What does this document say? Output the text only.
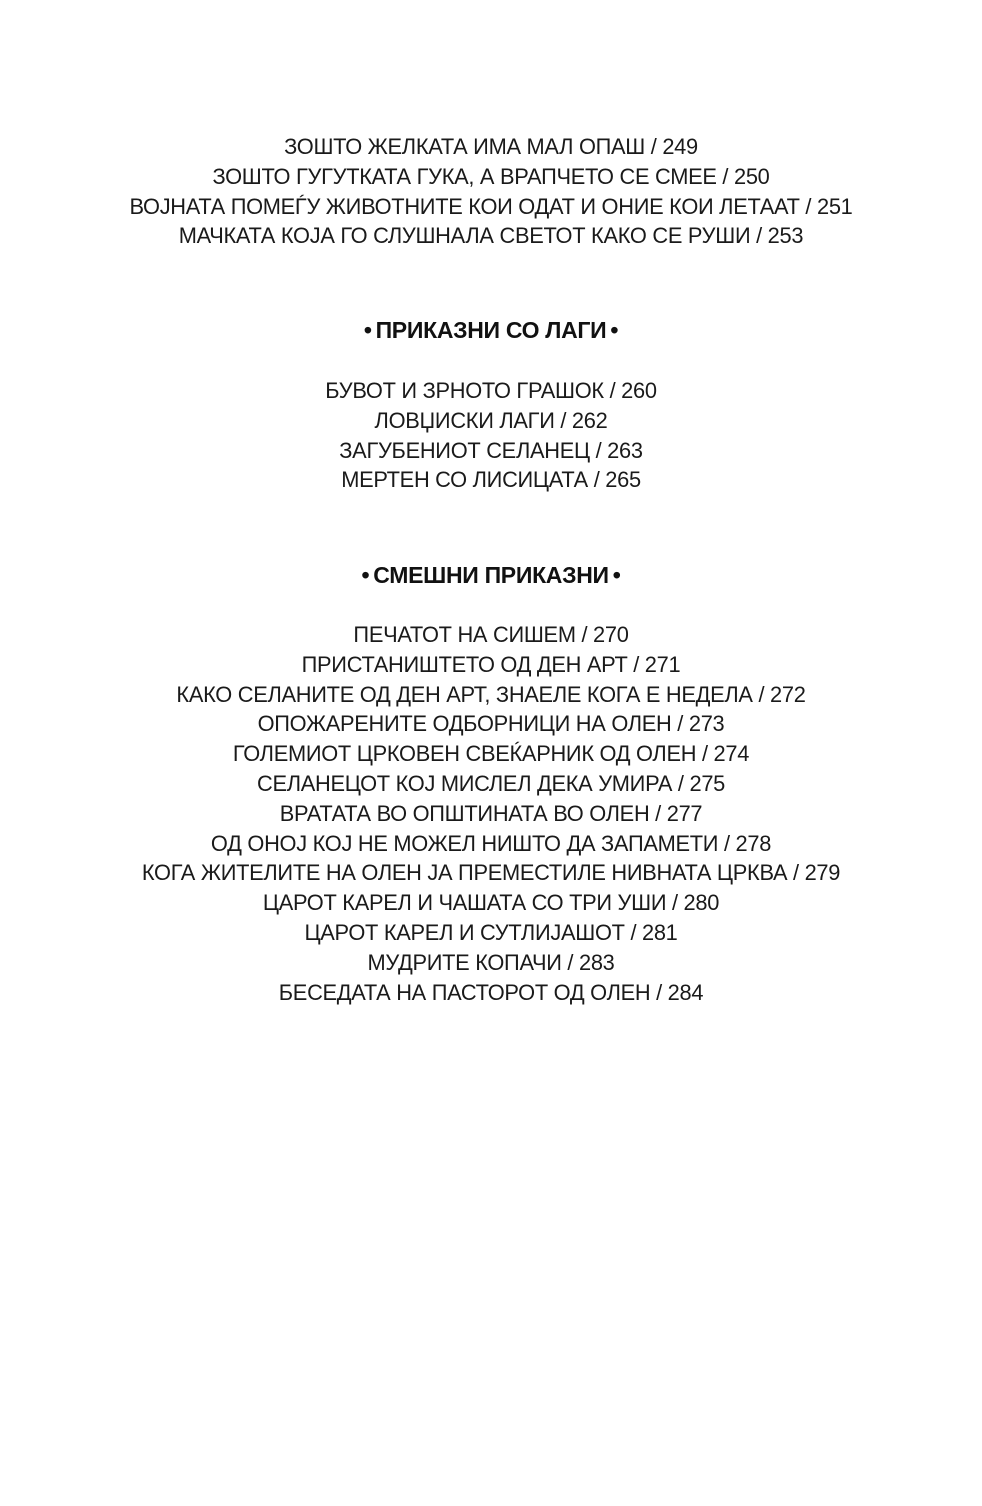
ЗОШТО ЖЕЛКАТА ИМА МАЛ ОПАШ / 249
ЗОШТО ГУГУТКАТА ГУКА, А ВРАПЧЕТО СЕ СМЕЕ / 250
ВОЈНАТА ПОМЕЃУ ЖИВОТНИТЕ КОИ ОДАТ И ОНИЕ КОИ ЛЕТААТ / 251
МАЧКАТА КОЈА ГО СЛУШНАЛА СВЕТОТ КАКО СЕ РУШИ / 253
• ПРИКАЗНИ СО ЛАГИ •
БУВОТ И ЗРНОТО ГРАШОК / 260
ЛОВЏИСКИ ЛАГИ / 262
ЗАГУБЕНИОТ СЕЛАНЕЦ / 263
МЕРТЕН СО ЛИСИЦАТА / 265
• СМЕШНИ ПРИКАЗНИ •
ПЕЧАТОТ НА СИШЕМ / 270
ПРИСТАНИШТЕТО ОД ДЕН АРТ / 271
КАКО СЕЛАНИТЕ ОД ДЕН АРТ, ЗНАЕЛЕ КОГА Е НЕДЕЛА / 272
ОПОЖАРЕНИТЕ ОДБОРНИЦИ НА ОЛЕН / 273
ГОЛЕМИОТ ЦРКОВЕН СВЕЌАРНИК ОД ОЛЕН / 274
СЕЛАНЕЦОТ КОЈ МИСЛЕЛ ДЕКА УМИРА / 275
ВРАТАТА ВО ОПШТИНАТА ВО ОЛЕН / 277
ОД ОНОЈ КОЈ НЕ МОЖЕЛ НИШТО ДА ЗАПАМЕТИ / 278
КОГА ЖИТЕЛИТЕ НА ОЛЕН ЈА ПРЕМЕСТИЛЕ НИВНАТА ЦРКВА / 279
ЦАРОТ КАРЕЛ И ЧАШАТА СО ТРИ УШИ / 280
ЦАРОТ КАРЕЛ И СУТЛИЈАШОТ / 281
МУДРИТЕ КОПАЧИ / 283
БЕСЕДАТА НА ПАСТОРОТ ОД ОЛЕН / 284
